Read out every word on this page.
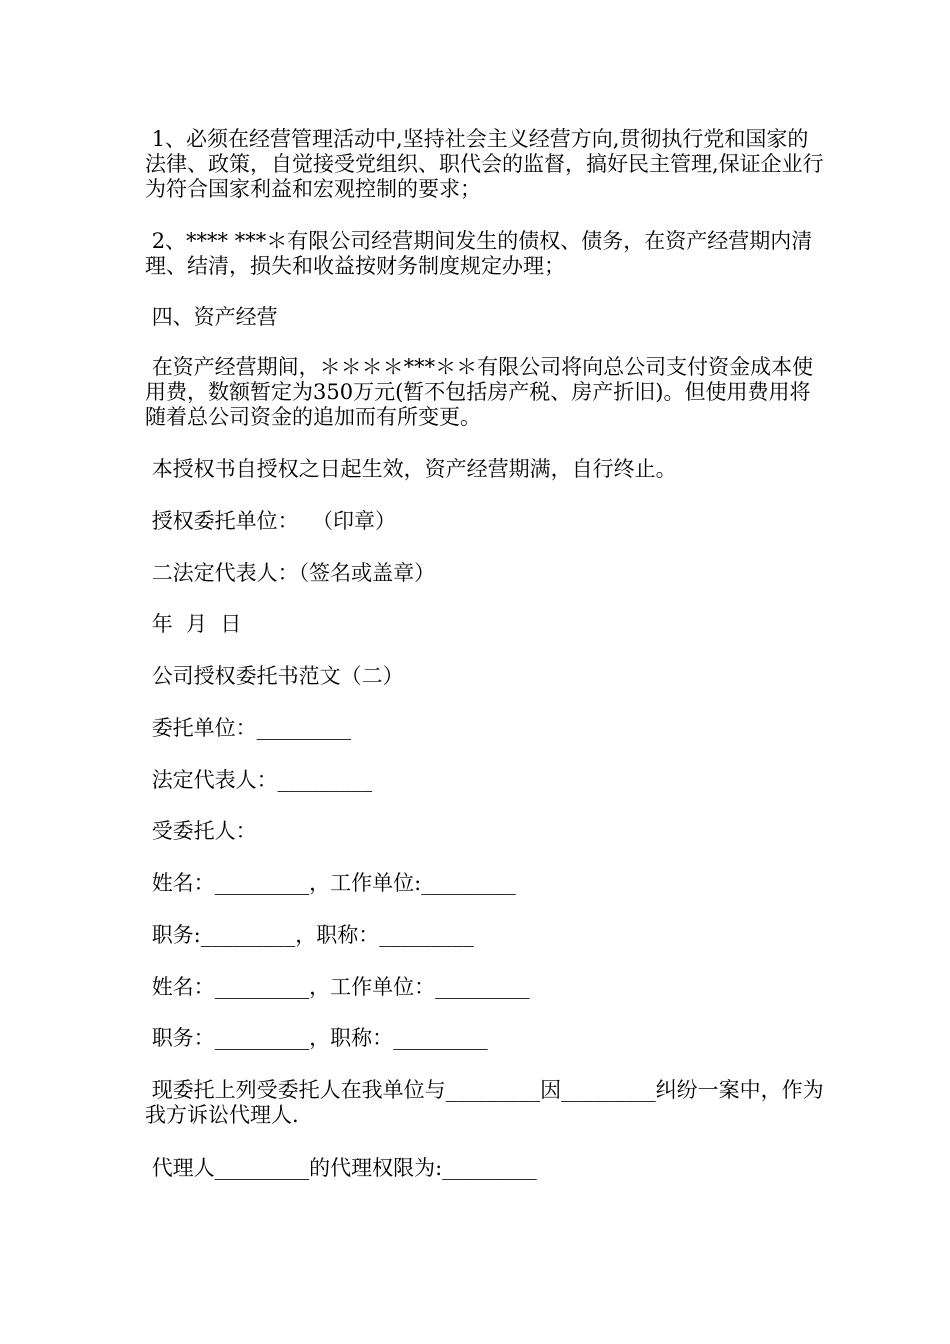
1、必须在经营管理活动中,坚持社会主义经营方向,贯彻执行党和国家的法律、政策，自觉接受党组织、职代会的监督，搞好民主管理,保证企业行为符合国家利益和宏观控制的要求；

2、**** ***＊有限公司经营期间发生的债权、债务，在资产经营期内清理、结清，损失和收益按财务制度规定办理；

四、资产经营

在资产经营期间，＊＊＊＊***＊＊有限公司将向总公司支付资金成本使用费，数额暂定为350万元(暂不包括房产税、房产折旧)。但使用费用将随着总公司资金的追加而有所变更。

本授权书自授权之日起生效，资产经营期满，自行终止。

授权委托单位：  （印章）

二法定代表人：（签名或盖章）

年  月  日

公司授权委托书范文（二）

委托单位：_________

法定代表人：_________

受委托人：

姓名：_________，工作单位:_________

职务:_________，职称：_________

姓名：_________，工作单位：_________

职务：_________，职称：_________

现委托上列受委托人在我单位与_________因_________纠纷一案中，作为我方诉讼代理人.

代理人_________的代理权限为:_________
